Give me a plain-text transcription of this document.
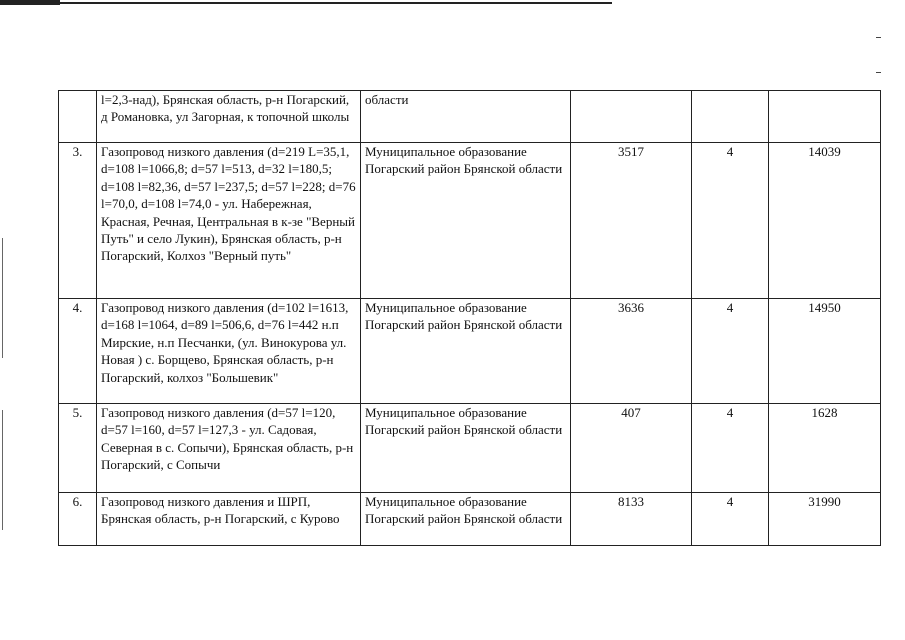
	l=2,3-над), Брянская область, р-н Погарский, д Романовка, ул Загорная, к топочной школы	области			
3.	Газопровод низкого давления (d=219 L=35,1, d=108 l=1066,8; d=57 l=513, d=32 l=180,5; d=108 l=82,36, d=57 l=237,5; d=57 l=228; d=76 l=70,0, d=108 l=74,0 - ул. Набережная, Красная, Речная, Центральная в к-зе "Верный Путь" и село Лукин), Брянская область, р-н Погарский, Колхоз "Верный путь"	Муниципальное образование Погарский район Брянской области	3517	4	14039
4.	Газопровод низкого давления (d=102 l=1613, d=168 l=1064, d=89 l=506,6, d=76 l=442 н.п Мирские, н.п Песчанки, (ул. Винокурова ул. Новая ) с. Борщево, Брянская область, р-н Погарский, колхоз "Большевик"	Муниципальное образование Погарский район Брянской области	3636	4	14950
5.	Газопровод низкого давления (d=57 l=120, d=57 l=160, d=57 l=127,3 - ул. Садовая, Северная в с. Сопычи), Брянская область, р-н Погарский, с Сопычи	Муниципальное образование Погарский район Брянской области	407	4	1628
6.	Газопровод низкого давления и ШРП, Брянская область, р-н Погарский, с Курово	Муниципальное образование Погарский район Брянской области	8133	4	31990
